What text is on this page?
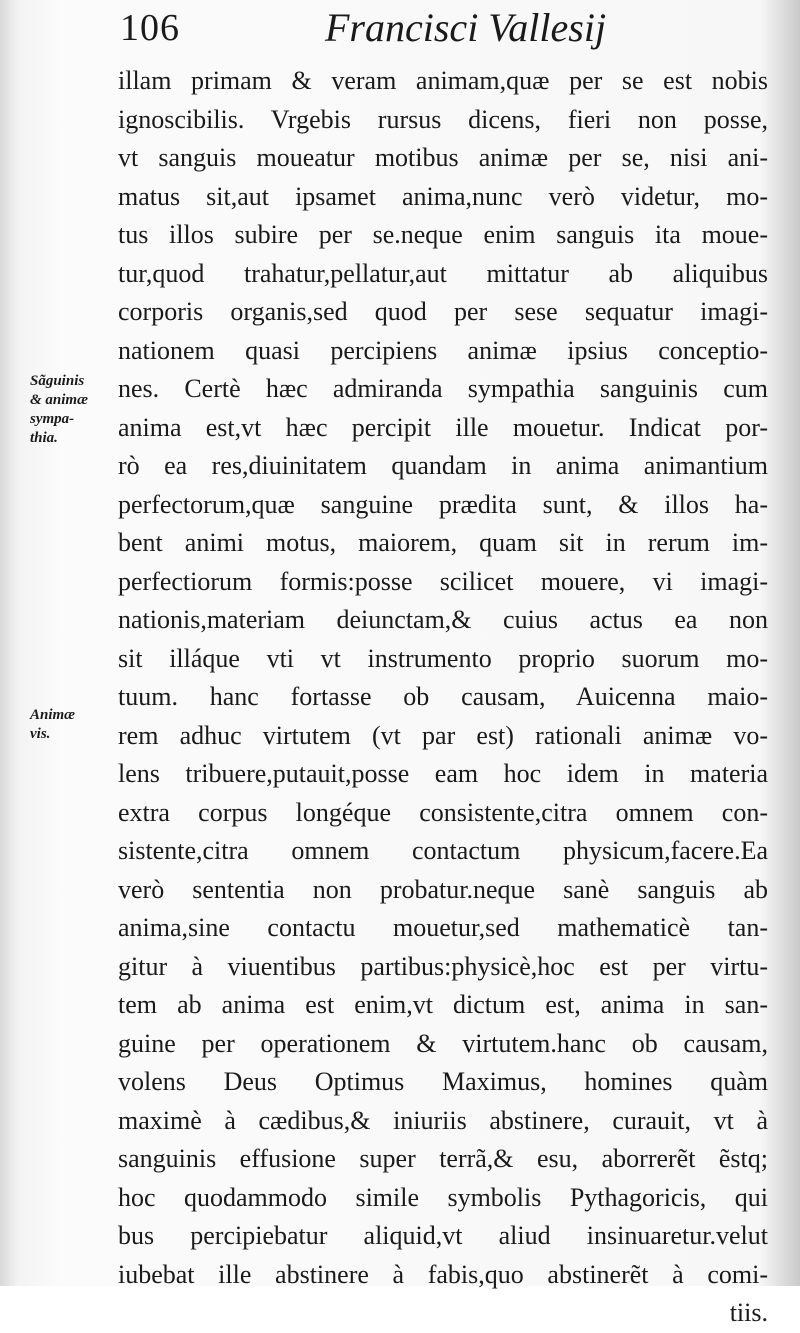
106	Francisci Vallesij
Sãguinis
& animæ
sympa-
thia.
Animæ
vis.
illam primam & veram animam,quæ per se est nobis
ignoscibilis. Vrgebis rursus dicens, fieri non posse,
vt sanguis moueatur motibus animæ per se, nisi ani-
matus sit,aut ipsamet anima,nunc verò videtur, mo-
tus illos subire per se.neque enim sanguis ita moue-
tur,quod trahatur,pellatur,aut mittatur ab aliquibus
corporis organis,sed quod per sese sequatur imagi-
nationem quasi percipiens animæ ipsius conceptio-
nes. Certè hæc admiranda sympathia sanguinis cum
anima est,vt hæc percipit ille mouetur. Indicat por-
rò ea res,diuinitatem quandam in anima animantium
perfectorum,quæ sanguine prædita sunt, & illos ha-
bent animi motus, maiorem, quam sit in rerum im-
perfectiorum formis:posse scilicet mouere, vi imagi-
nationis,materiam deiunctam,& cuius actus ea non
sit illáque vti vt instrumento proprio suorum mo-
tuum. hanc fortasse ob causam, Auicenna maio-
rem adhuc virtutem (vt par est) rationali animæ vo-
lens tribuere,putauit,posse eam hoc idem in materia
extra corpus longéque consistente,citra omnem con-
sistente,citra omnem contactum physicum,facere.Ea
verò sententia non probatur.neque sanè sanguis ab
anima,sine contactu mouetur,sed mathematicè tan-
gitur à viuentibus partibus:physicè,hoc est per virtu-
tem ab anima est enim,vt dictum est, anima in san-
guine per operationem & virtutem.hanc ob causam,
volens Deus Optimus Maximus, homines quàm
maximè à cædibus,& iniuriis abstinere, curauit, vt à
sanguinis effusione super terrã,& esu, aborrerẽt ẽstq;
hoc quodammodo simile symbolis Pythagoricis, qui
bus percipiebatur aliquid,vt aliud insinuaretur.velut
iubebat ille abstinere à fabis,quo abstinerẽt à comi-
tiis.
